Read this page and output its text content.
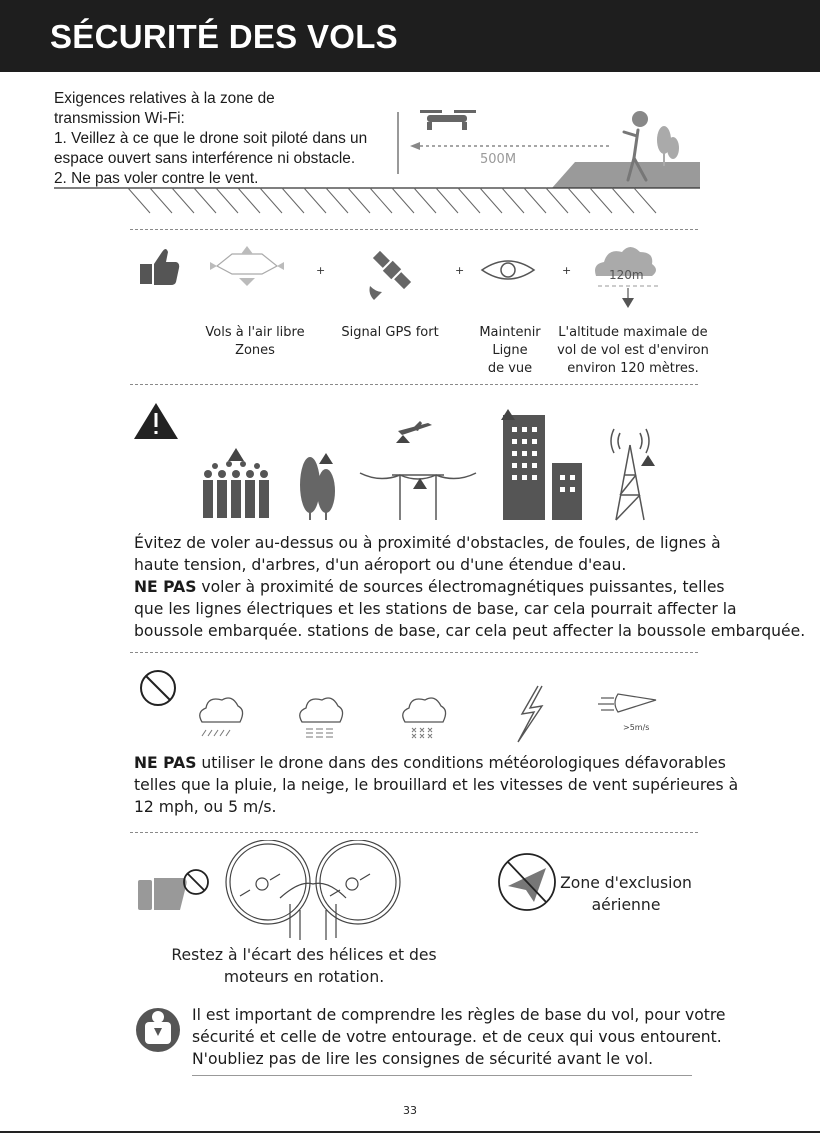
SÉCURITÉ DES VOLS
Exigences relatives à la zone de
transmission Wi-Fi:
1. Veillez à ce que le drone soit piloté dans un
espace ouvert sans interférence ni obstacle.
2. Ne pas voler contre le vent.
500M
+	+	+	120m
Vols à l'air libre
Zones
Signal GPS fort	Maintenir
Ligne
de vue
L'altitude maximale de
vol de vol est d'environ
environ 120 mètres.
Évitez de voler au-dessus ou à proximité d'obstacles, de foules, de lignes à
haute tension, d'arbres, d'un aéroport ou d'une étendue d'eau.
NE PAS voler à proximité de sources électromagnétiques puissantes, telles
que les lignes électriques et les stations de base, car cela pourrait affecter la
boussole embarquée. stations de base, car cela peut affecter la boussole embarquée.
>5m/s
NE PAS utiliser le drone dans des conditions météorologiques défavorables
telles que la pluie, la neige, le brouillard et les vitesses de vent supérieures à
12 mph, ou 5 m/s.
Zone d'exclusion
aérienne
Restez à l'écart des hélices et des
moteurs en rotation.
Il est important de comprendre les règles de base du vol, pour votre
sécurité et celle de votre entourage. et de ceux qui vous entourent.
N'oubliez pas de lire les consignes de sécurité avant le vol.
33
